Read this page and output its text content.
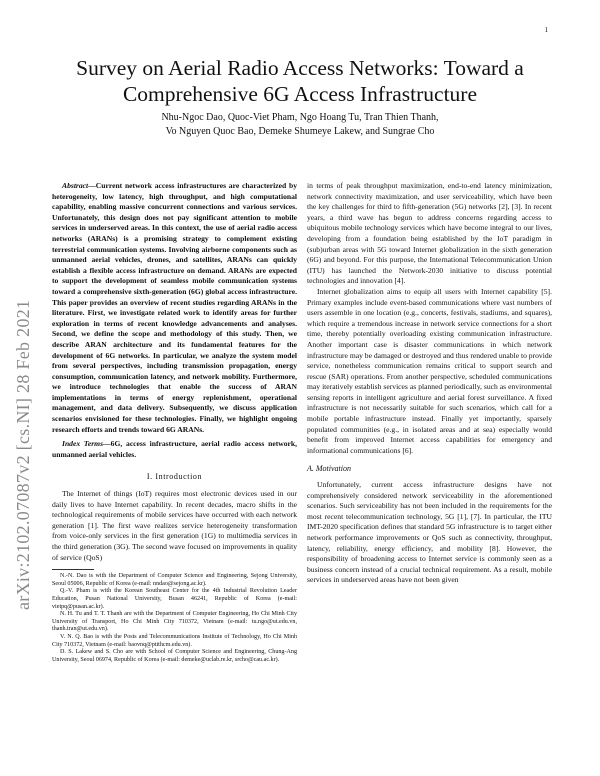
1
arXiv:2102.07087v2 [cs.NI] 28 Feb 2021
Survey on Aerial Radio Access Networks: Toward a Comprehensive 6G Access Infrastructure
Nhu-Ngoc Dao, Quoc-Viet Pham, Ngo Hoang Tu, Tran Thien Thanh,
Vo Nguyen Quoc Bao, Demeke Shumeye Lakew, and Sungrae Cho

Abstract—Current network access infrastructures are characterized by heterogeneity, low latency, high throughput, and high computational capability, enabling massive concurrent connections and various services. Unfortunately, this design does not pay significant attention to mobile services in underserved areas. In this context, the use of aerial radio access networks (ARANs) is a promising strategy to complement existing terrestrial communication systems. Involving airborne components such as unmanned aerial vehicles, drones, and satellites, ARANs can quickly establish a flexible access infrastructure on demand. ARANs are expected to support the development of seamless mobile communication systems toward a comprehensive sixth-generation (6G) global access infrastructure. This paper provides an overview of recent studies regarding ARANs in the literature. First, we investigate related work to identify areas for further exploration in terms of recent knowledge advancements and analyses. Second, we define the scope and methodology of this study. Then, we describe ARAN architecture and its fundamental features for the development of 6G networks. In particular, we analyze the system model from several perspectives, including transmission propagation, energy consumption, communication latency, and network mobility. Furthermore, we introduce technologies that enable the success of ARAN implementations in terms of energy replenishment, operational management, and data delivery. Subsequently, we discuss application scenarios envisioned for these technologies. Finally, we highlight ongoing research efforts and trends toward 6G ARANs.

Index Terms—6G, access infrastructure, aerial radio access network, unmanned aerial vehicles.

I. Introduction

The Internet of things (IoT) requires most electronic devices used in our daily lives to have Internet capability. In recent decades, macro shifts in the technological requirements of mobile services have occurred with each network generation [1]. The first wave realizes service heterogeneity transformation from voice-only services in the first generation (1G) to multimedia services in the third generation (3G). The second wave focused on improvements in quality of service (QoS)

N.-N. Dao is with the Department of Computer Science and Engineering, Sejong University, Seoul 05006, Republic of Korea (e-mail: nndao@sejong.ac.kr).

Q.-V. Pham is with the Korean Southeast Center for the 4th Industrial Revolution Leader Education, Pusan National University, Busan 46241, Republic of Korea (e-mail: vietpq@pusan.ac.kr).

N. H. Tu and T. T. Thanh are with the Department of Computer Engineering, Ho Chi Minh City University of Transport, Ho Chi Minh City 710372, Vietnam (e-mail: tu.ngo@ut.edu.vn, thanh.tran@ut.edu.vn).

V. N. Q. Bao is with the Posts and Telecommunications Institute of Technology, Ho Chi Minh City 710372, Vietnam (e-mail: baovnq@ptithcm.edu.vn).

D. S. Lakew and S. Cho are with School of Computer Science and Engineering, Chung-Ang University, Seoul 06974, Republic of Korea (e-mail: demeke@uclab.re.kr, srcho@cau.ac.kr).

in terms of peak throughput maximization, end-to-end latency minimization, network connectivity maximization, and user serviceability, which have been the key challenges for third to fifth-generation (5G) networks [2], [3]. In recent years, a third wave has begun to address concerns regarding access to ubiquitous mobile technology services which have become integral to our lives, developing from a foundation being established by the IoT paradigm in (sub)urban areas with 5G toward Internet globalization in the sixth generation (6G) and beyond. For this purpose, the International Telecommunication Union (ITU) has launched the Network-2030 initiative to discuss potential technologies and innovation [4].

Internet globalization aims to equip all users with Internet capability [5]. Primary examples include event-based communications where vast numbers of users assemble in one location (e.g., concerts, festivals, stadiums, and squares), which require a tremendous increase in network service connections for a short time, thereby potentially overloading existing communication infrastructure. Another important case is disaster communications in which network infrastructure may be damaged or destroyed and thus rendered unable to provide service, nonetheless communication remains critical to support search and rescue (SAR) operations. From another perspective, scheduled communications may iteratively establish services as planned periodically, such as environmental sensing reports in intelligent agriculture and aerial forest surveillance. A fixed infrastructure is not necessarily suitable for such scenarios, which call for a mobile portable infrastructure instead. Finally yet importantly, sparsely populated communities (e.g., in isolated areas and at sea) especially would benefit from improved Internet access capabilities for emergency and informational communications [6].

A. Motivation

Unfortunately, current access infrastructure designs have not comprehensively considered network serviceability in the aforementioned scenarios. Such serviceability has not been included in the requirements for the most recent telecommunication technology, 5G [1], [7]. In particular, the ITU IMT-2020 specification defines that standard 5G infrastructure is to target either network performance improvements or QoS such as connectivity, throughput, latency, reliability, energy efficiency, and mobility [8]. However, the responsibility of broadening access to Internet service is commonly seen as a business concern instead of a crucial technical requirement. As a result, mobile services in underserved areas have not been given
